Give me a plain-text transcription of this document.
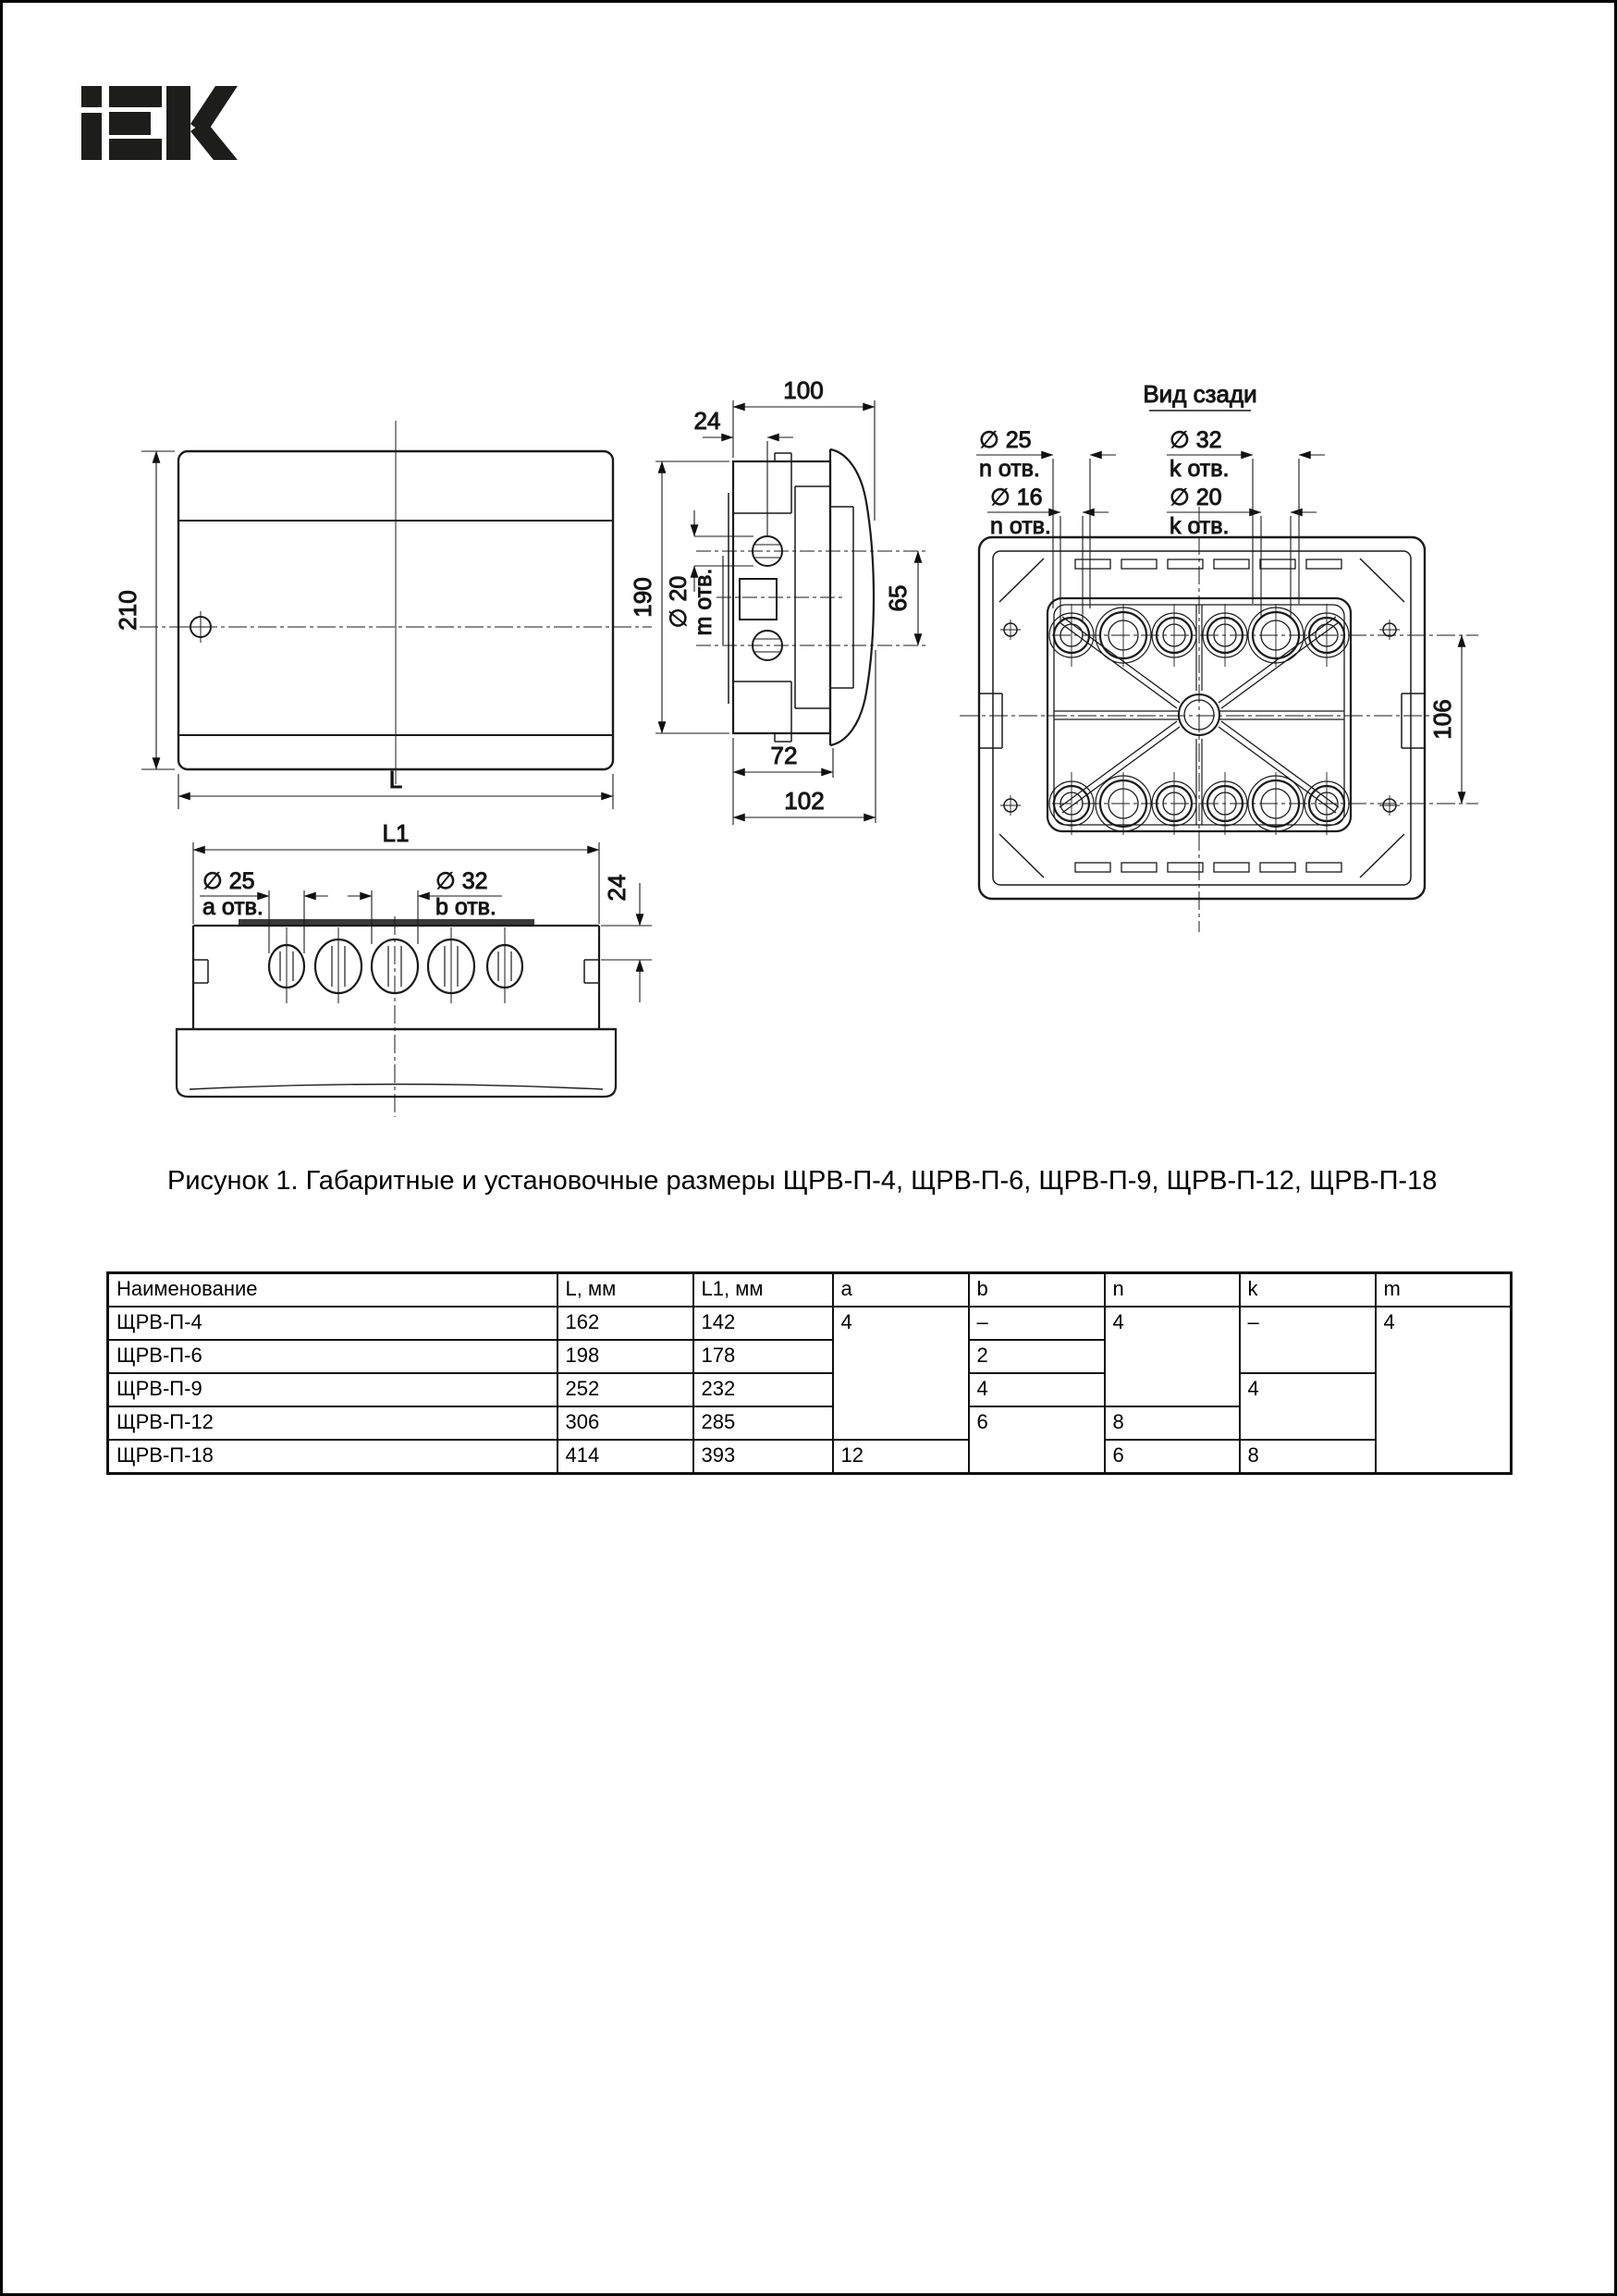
210
L
L1
∅ 25
a отв.
∅ 32
b отв.
24
100
24
190 ∅ 20 m отв.	65
72
102
Вид сзади
∅ 25
n отв.
∅ 16
n отв.
∅ 32
k отв.
∅ 20
k отв.
106
Рисунок 1. Габаритные и установочные размеры ЩРВ-П-4, ЩРВ-П-6, ЩРВ-П-9, ЩРВ-П-12, ЩРВ-П-18
Наименование	L, мм	L1, мм	a	b	n	k	m
ЩРВ-П-4	162	142	4	–	4	–	4
ЩРВ-П-6	198	178		2			
ЩРВ-П-9	252	232		4		4	
ЩРВ-П-12	306	285		6	8		
ЩРВ-П-18	414	393	12		6	8	
